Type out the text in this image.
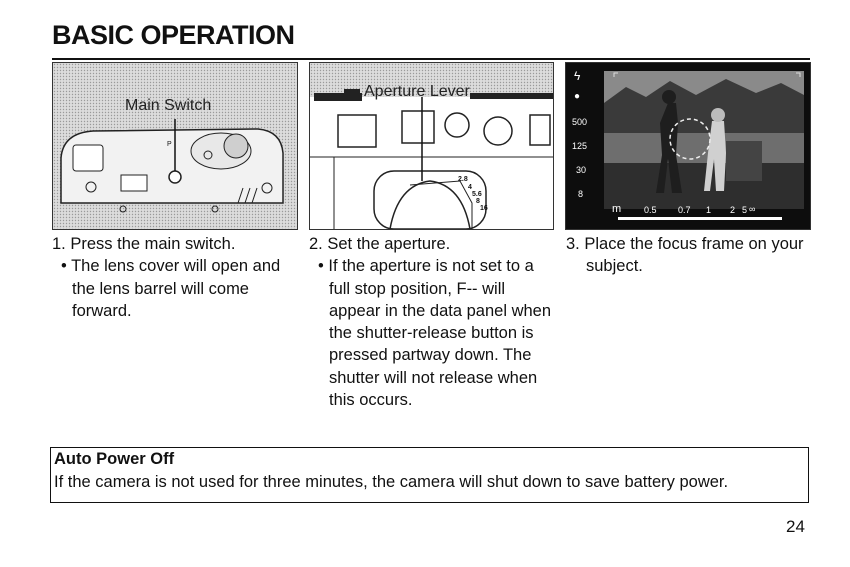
BASIC OPERATION
P
Main Switch
2.8
4
5.6
8
16
Aperture Lever
ϟ
●
500
125
30
8
m	0.5 0.7 1 2 5 ∞

1. Press the main switch.

• The lens cover will open and the lens barrel will come forward.

2. Set the aperture.

• If the aperture is not set to a full stop position, F-- will appear in the data panel when the shutter-release button is pressed partway down. The shutter will not release when this occurs.

3. Place the focus frame on your subject.

Auto Power Off
If the camera is not used for three minutes, the camera will shut down to save battery power.
24
